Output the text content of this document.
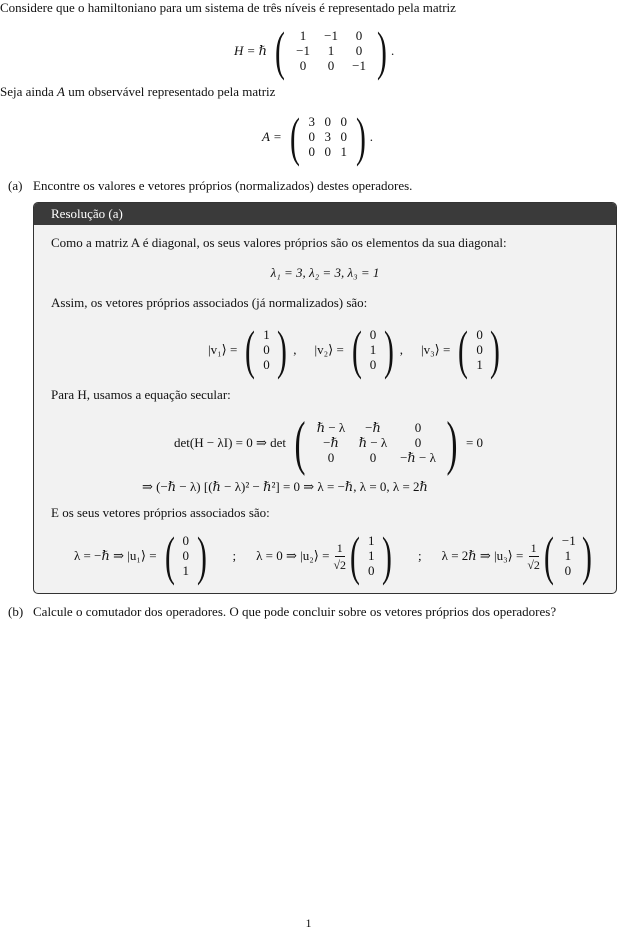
Considere que o hamiltoniano para um sistema de três níveis é representado pela matriz
H = ℏ (	1	−1	0
−1	1	0
0	0	−1 ) .
Seja ainda A um observável representado pela matriz
A = ( 3 0 0
0 3 0
0 0 1 ) .
(a) Encontre os valores e vetores próprios (normalizados) destes operadores.
Resolução (a)
Como a matriz A é diagonal, os seus valores próprios são os elementos da sua diagonal:
λ₁ = 3, λ₂ = 3, λ₃ = 1
Assim, os vetores próprios associados (já normalizados) são:
|v₁⟩ = ( 1
0
0 ) ,	|v₂⟩ = ( 0
1
0 ) ,	|v₃⟩ = ( 0
0
1 )
Para H, usamos a equação secular:
det(H − λI) = 0 ⇒ det ( ℏ − λ	−ℏ	0
−ℏ	ℏ − λ	0
0	0	−ℏ − λ ) = 0
⇒ (−ℏ − λ) [(ℏ − λ)² − ℏ²] = 0 ⇒ λ = −ℏ, λ = 0, λ = 2ℏ
E os seus vetores próprios associados são:
λ = −ℏ ⇒ |u₁⟩ = ( 0
0
1 )	;	λ = 0 ⇒ |u₂⟩ = $\frac{1}{√2}$ ( 1
1
0 )	;	λ = 2ℏ ⇒ |u₃⟩ = $\frac{1}{√2}$ ( −1
1
0 )
(b) Calcule o comutador dos operadores. O que pode concluir sobre os vetores próprios dos operadores?
1
